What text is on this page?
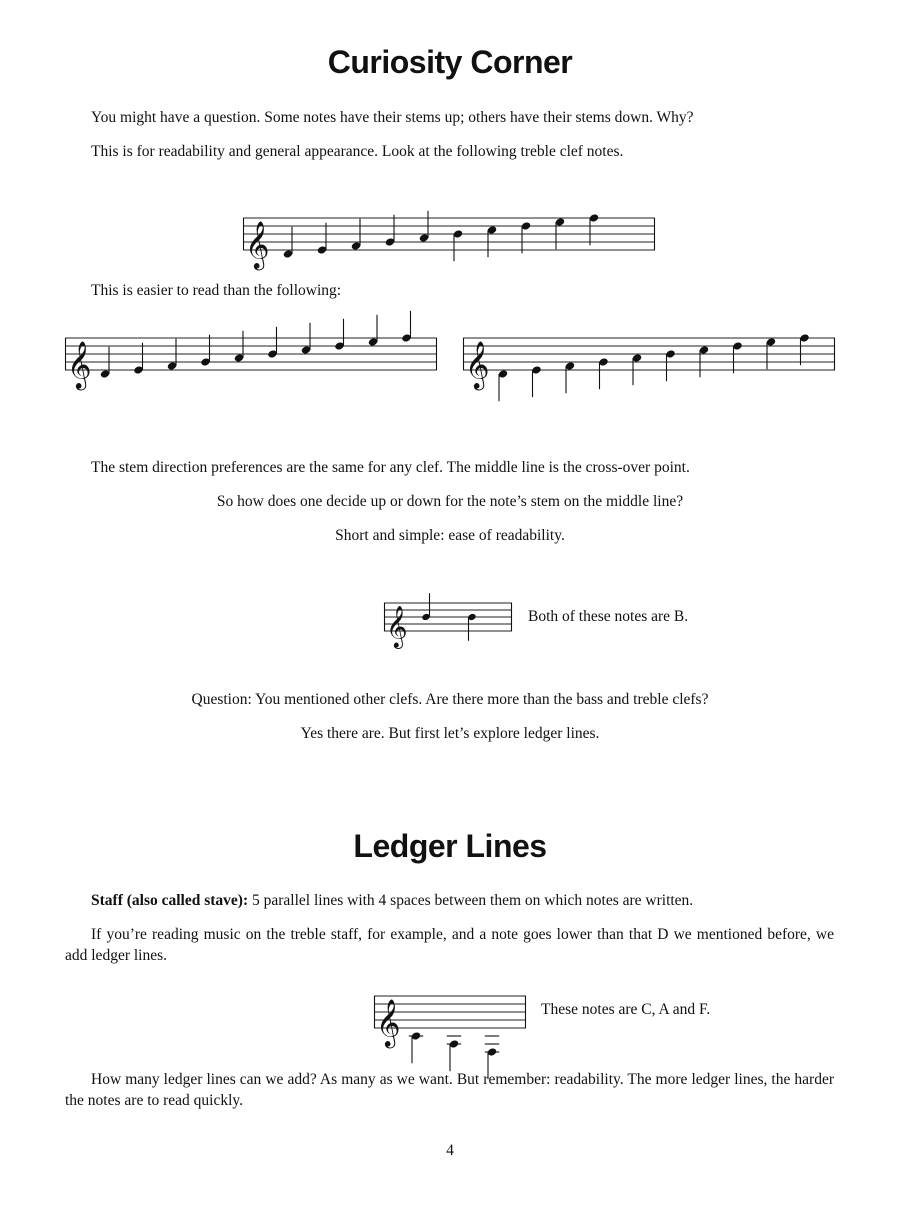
Curiosity Corner

You might have a question. Some notes have their stems up; others have their stems down. Why?

This is for readability and general appearance. Look at the following treble clef notes.

𝄞

This is easier to read than the following:

𝄞	𝄞

The stem direction preferences are the same for any clef. The middle line is the cross-over point.

So how does one decide up or down for the note’s stem on the middle line?

Short and simple: ease of readability.

𝄞	Both of these notes are B.

Question: You mentioned other clefs. Are there more than the bass and treble clefs?

Yes there are. But first let’s explore ledger lines.

Ledger Lines

Staff (also called stave): 5 parallel lines with 4 spaces between them on which notes are written.

If you’re reading music on the treble staff, for example, and a note goes lower than that D we mentioned before, we add ledger lines.

𝄞	These notes are C, A and F.

How many ledger lines can we add? As many as we want. But remember: readability. The more ledger lines, the harder the notes are to read quickly.

4
